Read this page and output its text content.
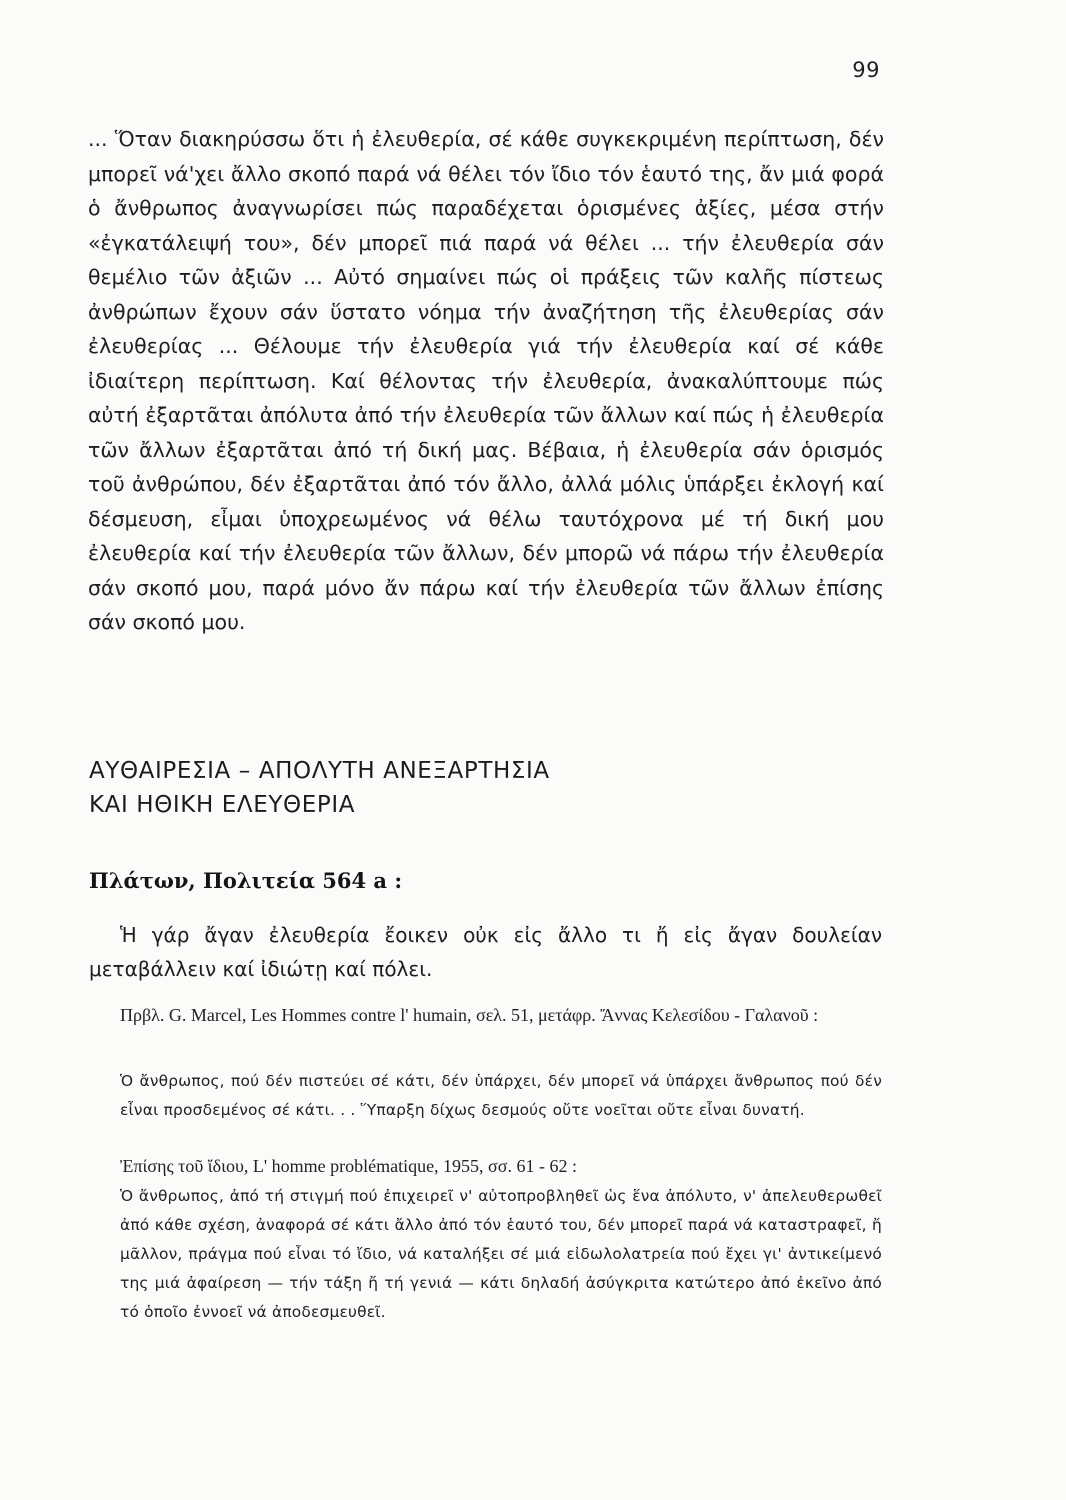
99

... Ὅταν διακηρύσσω ὅτι ἡ ἐλευθερία, σέ κάθε συγκεκριμένη περίπτωση, δέν μπορεῖ νά'χει ἄλλο σκοπό παρά νά θέλει τόν ἴδιο τόν ἑαυτό της, ἄν μιά φορά ὁ ἄνθρωπος ἀναγνωρίσει πώς παραδέχεται ὁρισμένες ἀξίες, μέσα στήν «ἐγκατάλειψή του», δέν μπορεῖ πιά παρά νά θέλει ... τήν ἐλευθερία σάν θεμέλιο τῶν ἀξιῶν ... Αὐτό σημαίνει πώς οἱ πράξεις τῶν καλῆς πίστεως ἀνθρώπων ἔχουν σάν ὕστατο νόημα τήν ἀναζήτηση τῆς ἐλευθερίας σάν ἐλευθερίας ... Θέλουμε τήν ἐλευθερία γιά τήν ἐλευθερία καί σέ κάθε ἰδιαίτερη περίπτωση. Καί θέλοντας τήν ἐλευθερία, ἀνακαλύπτουμε πώς αὐτή ἐξαρτᾶται ἀπόλυτα ἀπό τήν ἐλευθερία τῶν ἄλλων καί πώς ἡ ἐλευθερία τῶν ἄλλων ἐξαρτᾶται ἀπό τή δική μας. Βέβαια, ἡ ἐλευθερία σάν ὁρισμός τοῦ ἀνθρώπου, δέν ἐξαρτᾶται ἀπό τόν ἄλλο, ἀλλά μόλις ὑπάρξει ἐκλογή καί δέσμευση, εἶμαι ὑποχρεωμένος νά θέλω ταυτόχρονα μέ τή δική μου ἐλευθερία καί τήν ἐλευθερία τῶν ἄλλων, δέν μπορῶ νά πάρω τήν ἐλευθερία σάν σκοπό μου, παρά μόνο ἄν πάρω καί τήν ἐλευθερία τῶν ἄλλων ἐπίσης σάν σκοπό μου.

ΑΥΘΑΙΡΕΣΙΑ – ΑΠΟΛΥΤΗ ΑΝΕΞΑΡΤΗΣΙΑ
ΚΑΙ ΗΘΙΚΗ ΕΛΕΥΘΕΡΙΑ
Πλάτων, Πολιτεία 564 a :

Ἡ γάρ ἄγαν ἐλευθερία ἔοικεν οὐκ εἰς ἄλλο τι ἤ εἰς ἄγαν δουλείαν μεταβάλλειν καί ἰδιώτῃ καί πόλει.

Πρβλ. G. Marcel, Les Hommes contre l' humain, σελ. 51, μετάφρ. Ἄννας Κελεσίδου - Γαλανοῦ :

Ὁ ἄνθρωπος, πού δέν πιστεύει σέ κάτι, δέν ὑπάρχει, δέν μπορεῖ νά ὑπάρχει ἄνθρωπος πού δέν εἶναι προσδεμένος σέ κάτι. . . Ὕπαρξη δίχως δεσμούς οὔτε νοεῖται οὔτε εἶναι δυνατή.

Ἐπίσης τοῦ ἴδιου, L' homme problématique, 1955, σσ. 61 - 62 :

Ὁ ἄνθρωπος, ἀπό τή στιγμή πού ἐπιχειρεῖ ν' αὐτοπροβληθεῖ ὡς ἕνα ἀπόλυτο, ν' ἀπελευθερωθεῖ ἀπό κάθε σχέση, ἀναφορά σέ κάτι ἄλλο ἀπό τόν ἑαυτό του, δέν μπορεῖ παρά νά καταστραφεῖ, ἤ μᾶλλον, πράγμα πού εἶναι τό ἴδιο, νά καταλήξει σέ μιά εἰδωλολατρεία πού ἔχει γι' ἀντικείμενό της μιά ἀφαίρεση — τήν τάξη ἤ τή γενιά — κάτι δηλαδή ἀσύγκριτα κατώτερο ἀπό ἐκεῖνο ἀπό τό ὁποῖο ἐννοεῖ νά ἀποδεσμευθεῖ.
